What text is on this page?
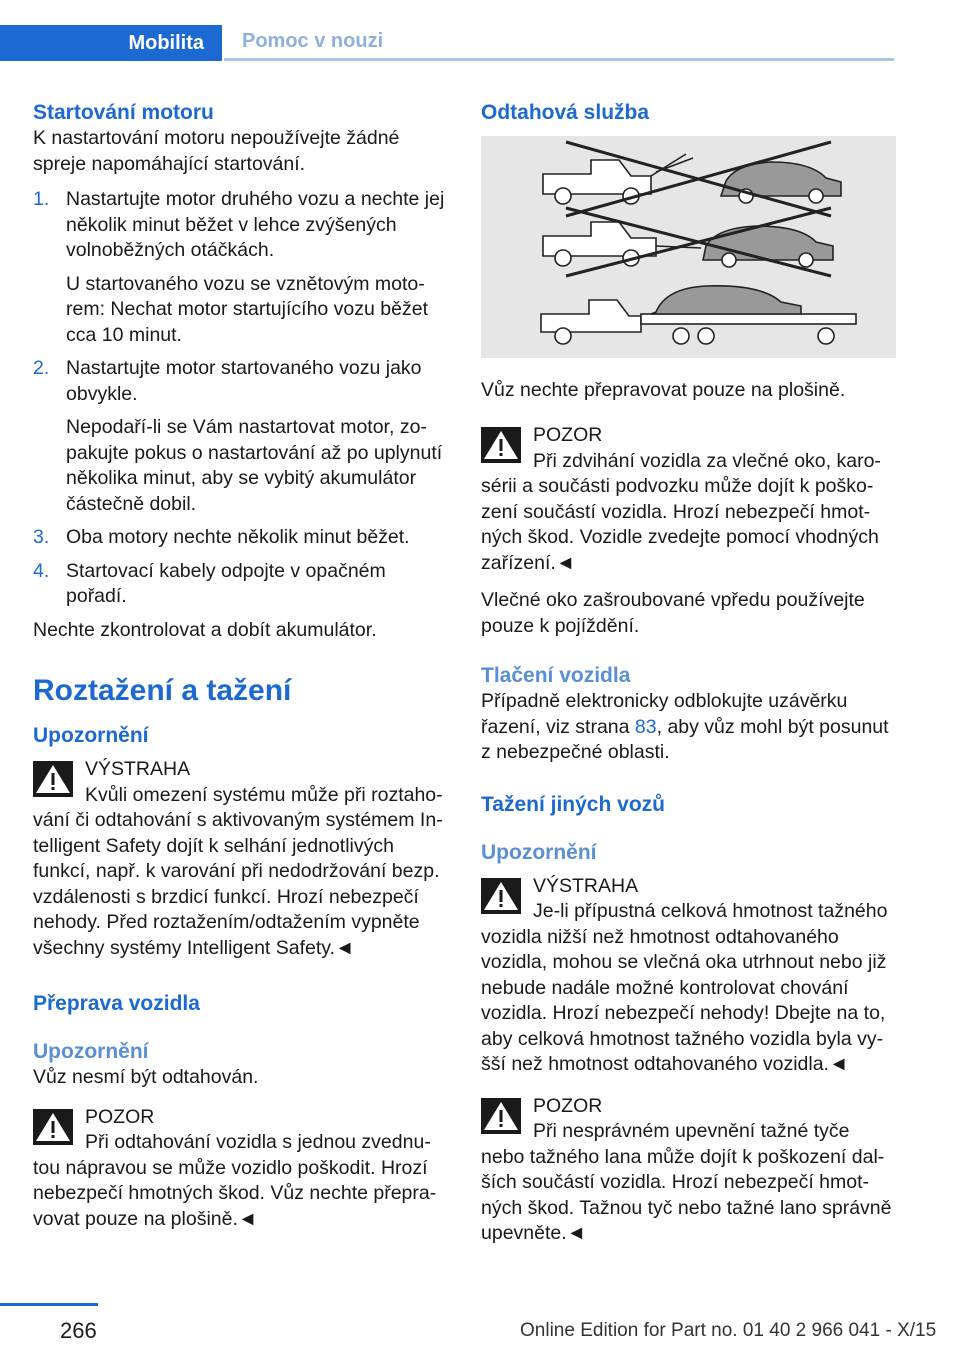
Mobilita Pomoc v nouzi
Startování motoru

K nastartování motoru nepoužívejte žádné spreje napomáhající startování.

1. Nastartujte motor druhého vozu a nechte jej několik minut běžet v lehce zvýšených volnoběžných otáčkách.
U startovaného vozu se vznětovým motorem: Nechat motor startujícího vozu běžet cca 10 minut.
2. Nastartujte motor startovaného vozu jako obvykle.
Nepodaří-li se Vám nastartovat motor, zopakujte pokus o nastartování až po uplynutí několika minut, aby se vybitý akumulátor částečně dobil.
3. Oba motory nechte několik minut běžet.
4. Startovací kabely odpojte v opačném pořadí.

Nechte zkontrolovat a dobít akumulátor.

Roztažení a tažení
Upozornění
VÝSTRAHA
Kvůli omezení systému může při roztahování či odtahování s aktivovaným systémem Intelligent Safety dojít k selhání jednotlivých funkcí, např. k varování při nedodržování bezp. vzdálenosti s brzdicí funkcí. Hrozí nebezpečí nehody. Před roztažením/odtažením vypněte všechny systémy Intelligent Safety.◄
Přeprava vozidla
Upozornění

Vůz nesmí být odtahován.

POZOR
Při odtahování vozidla s jednou zvednutou nápravou se může vozidlo poškodit. Hrozí nebezpečí hmotných škod. Vůz nechte přepravovat pouze na plošině.◄
Odtahová služba

Vůz nechte přepravovat pouze na plošině.

POZOR
Při zdvihání vozidla za vlečné oko, karosérii a součásti podvozku může dojít k poškození součástí vozidla. Hrozí nebezpečí hmotných škod. Vozidle zvedejte pomocí vhodných zařízení.◄

Vlečné oko zašroubované vpředu používejte pouze k pojíždění.

Tlačení vozidla

Případně elektronicky odblokujte uzávěrku řazení, viz strana 83, aby vůz mohl být posunut z nebezpečné oblasti.

Tažení jiných vozů
Upozornění
VÝSTRAHA
Je-li přípustná celková hmotnost tažného vozidla nižší než hmotnost odtahovaného vozidla, mohou se vlečná oka utrhnout nebo již nebude nadále možné kontrolovat chování vozidla. Hrozí nebezpečí nehody! Dbejte na to, aby celková hmotnost tažného vozidla byla vyšší než hmotnost odtahovaného vozidla.◄
POZOR
Při nesprávném upevnění tažné tyče nebo tažného lana může dojít k poškození dalších součástí vozidla. Hrozí nebezpečí hmotných škod. Tažnou tyč nebo tažné lano správně upevněte.◄
266	Online Edition for Part no. 01 40 2 966 041 - X/15
